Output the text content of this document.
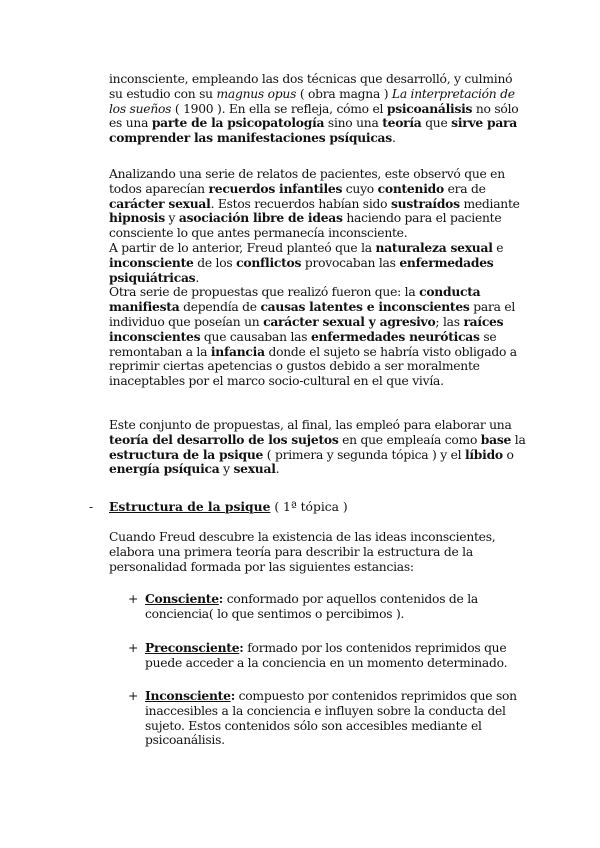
inconsciente, empleando las dos técnicas que desarrolló, y culminó su estudio con su magnus opus ( obra magna ) La interpretación de los sueños ( 1900 ). En ella se refleja, cómo el psicoanálisis no sólo es una parte de la psicopatología sino una teoría que sirve para comprender las manifestaciones psíquicas.
Analizando una serie de relatos de pacientes, este observó que en todos aparecían recuerdos infantiles cuyo contenido era de carácter sexual. Estos recuerdos habían sido sustraídos mediante hipnosis y asociación libre de ideas haciendo para el paciente consciente lo que antes permanecía inconsciente.
A partir de lo anterior, Freud planteó que la naturaleza sexual e inconsciente de los conflictos provocaban las enfermedades psiquiátricas.
Otra serie de propuestas que realizó fueron que: la conducta manifiesta dependía de causas latentes e inconscientes para el individuo que poseían un carácter sexual y agresivo; las raíces inconscientes que causaban las enfermedades neuróticas se remontaban a la infancia donde el sujeto se habría visto obligado a reprimir ciertas apetencias o gustos debido a ser moralmente inaceptables por el marco socio-cultural en el que vivía.
Este conjunto de propuestas, al final, las empleó para elaborar una teoría del desarrollo de los sujetos en que empleaía como base la estructura de la psique ( primera y segunda tópica ) y el líbido o energía psíquica y sexual.
- Estructura de la psique ( 1ª tópica )
Cuando Freud descubre la existencia de las ideas inconscientes, elabora una primera teoría para describir la estructura de la personalidad formada por las siguientes estancias:
+ Consciente: conformado por aquellos contenidos de la conciencia( lo que sentimos o percibimos ).
+ Preconsciente: formado por los contenidos reprimidos que puede acceder a la conciencia en un momento determinado.
+ Inconsciente: compuesto por contenidos reprimidos que son inaccesibles a la conciencia e influyen sobre la conducta del sujeto. Estos contenidos sólo son accesibles mediante el psicoanálisis.
